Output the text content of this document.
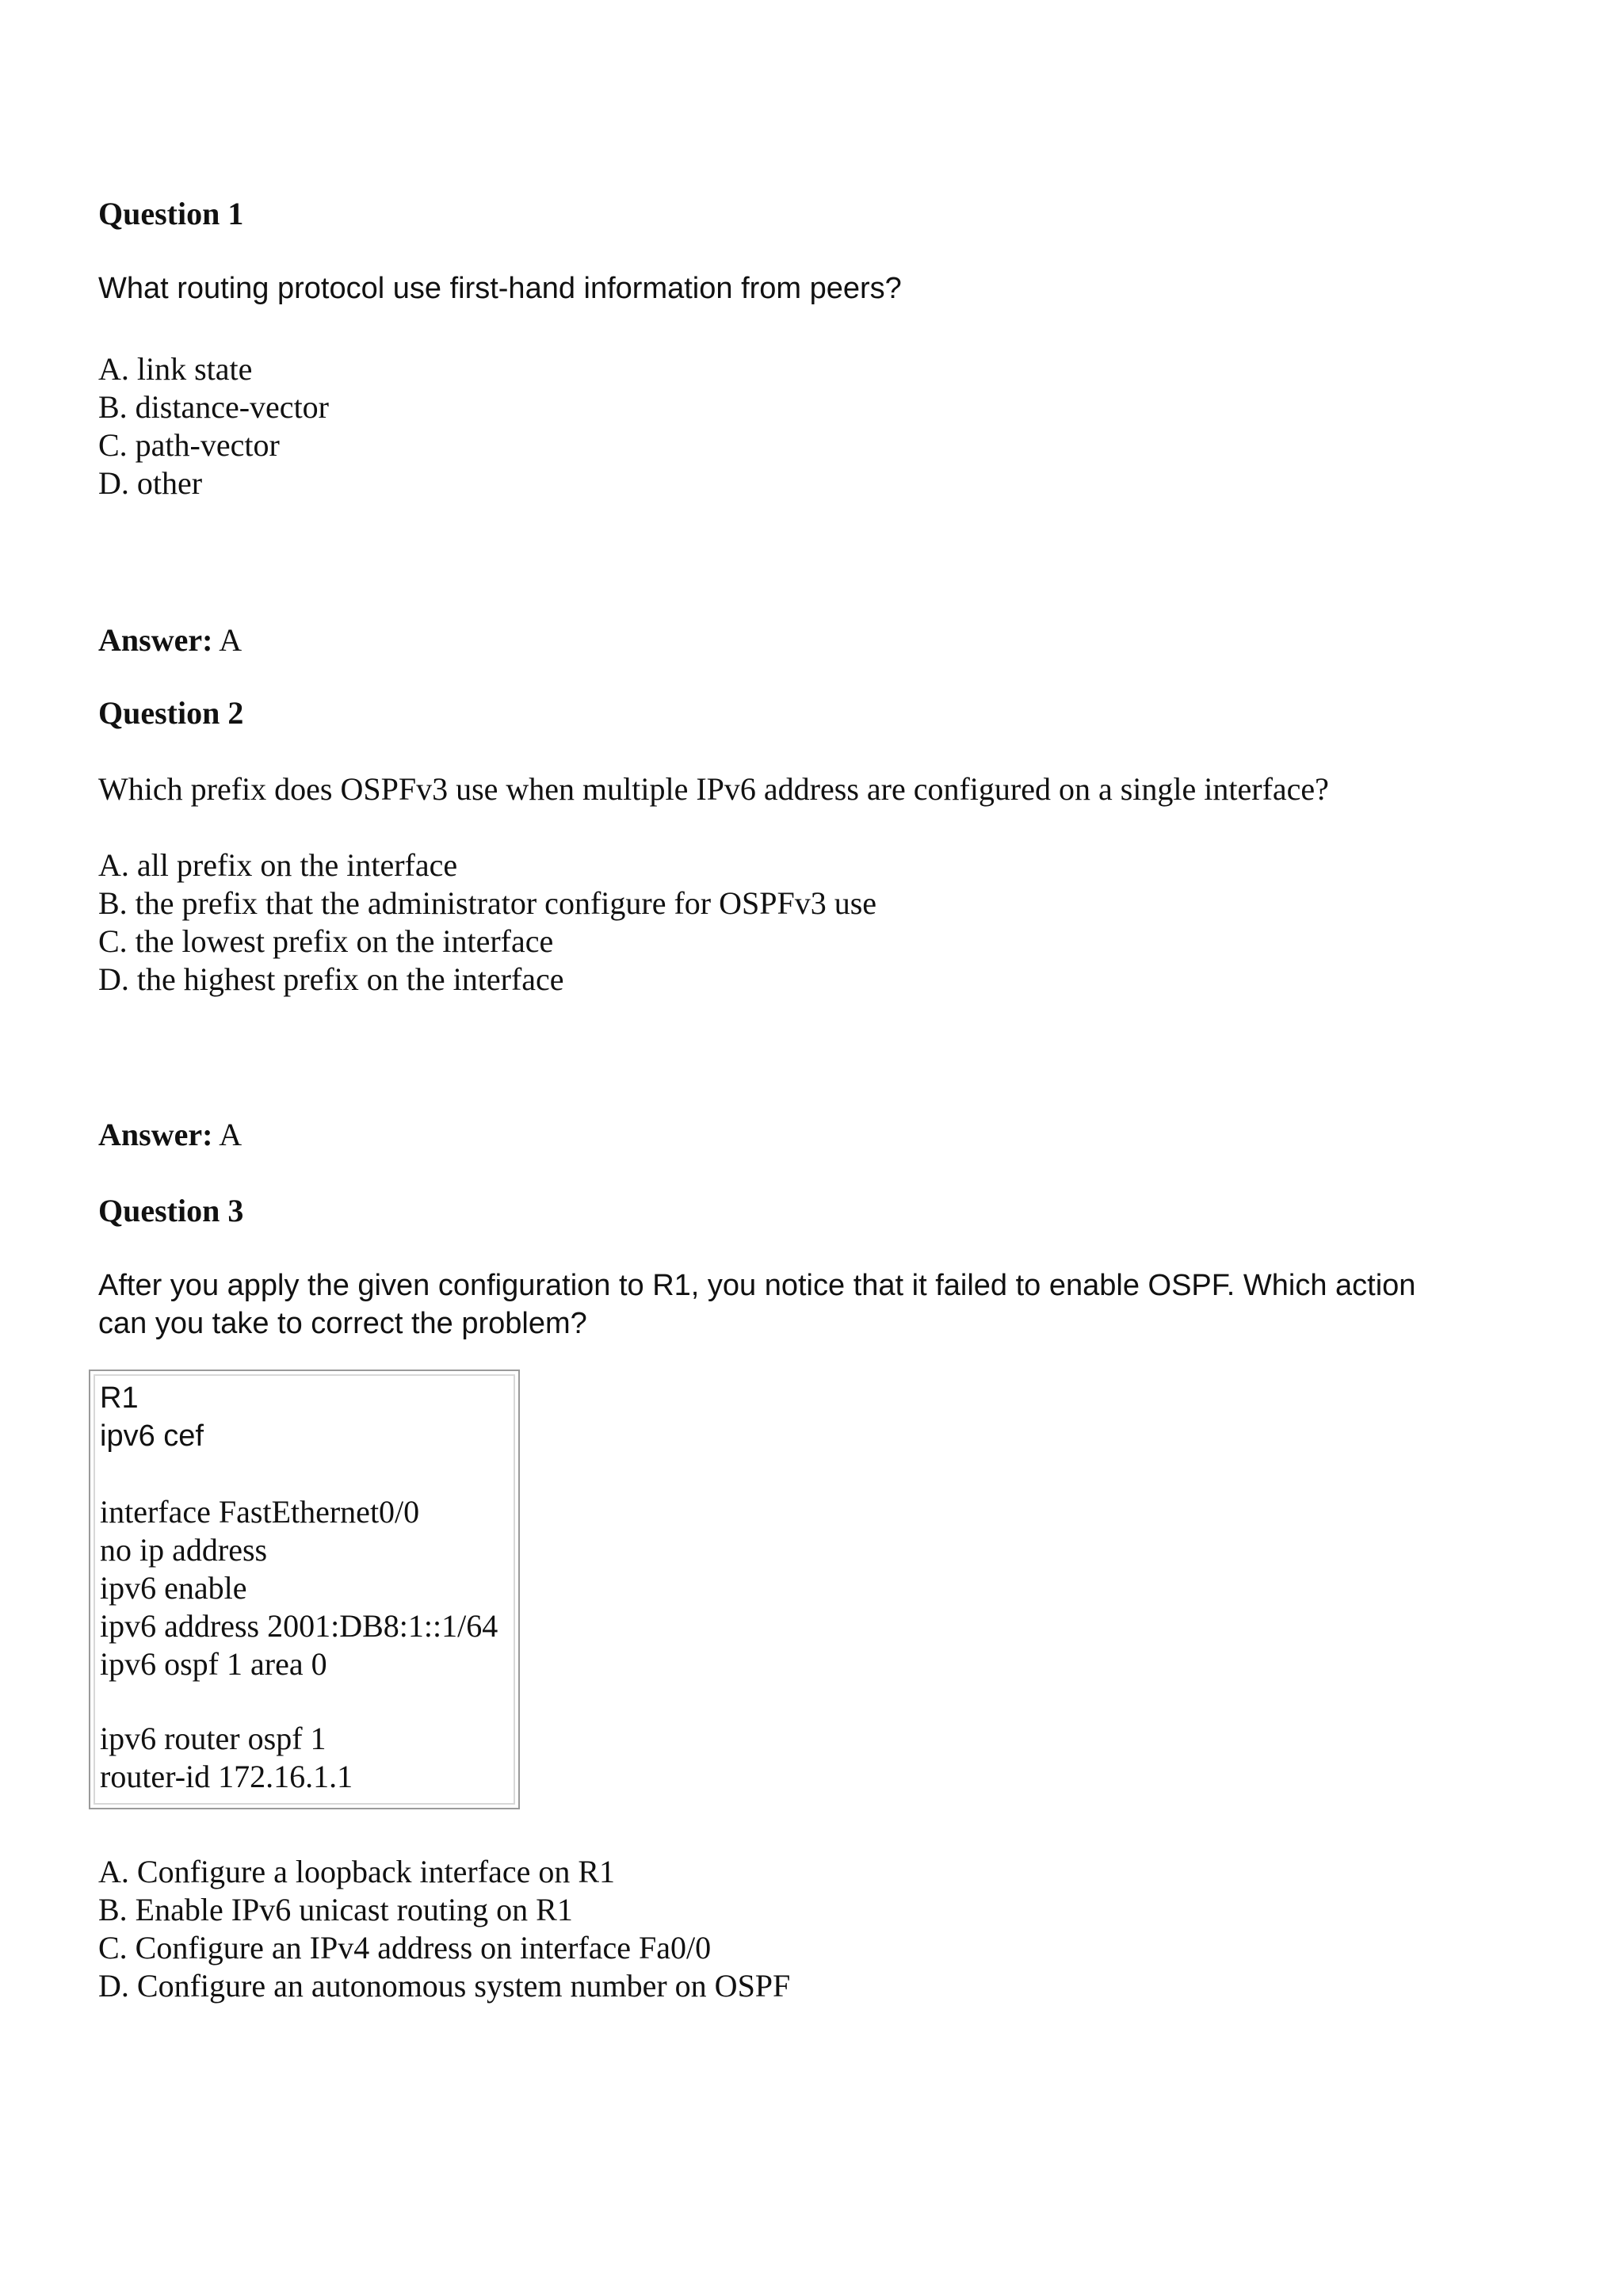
Question 1
What routing protocol use first-hand information from peers?
A. link state
B. distance-vector
C. path-vector
D. other
Answer: A
Question 2
Which prefix does OSPFv3 use when multiple IPv6 address are configured on a single interface?
A. all prefix on the interface
B. the prefix that the administrator configure for OSPFv3 use
C. the lowest prefix on the interface
D. the highest prefix on the interface
Answer: A
Question 3
After you apply the given configuration to R1, you notice that it failed to enable OSPF. Which action
can you take to correct the problem?
R1
ipv6 cef
interface FastEthernet0/0
no ip address
ipv6 enable
ipv6 address 2001:DB8:1::1/64
ipv6 ospf 1 area 0
ipv6 router ospf 1
router-id 172.16.1.1
A. Configure a loopback interface on R1
B. Enable IPv6 unicast routing on R1
C. Configure an IPv4 address on interface Fa0/0
D. Configure an autonomous system number on OSPF
